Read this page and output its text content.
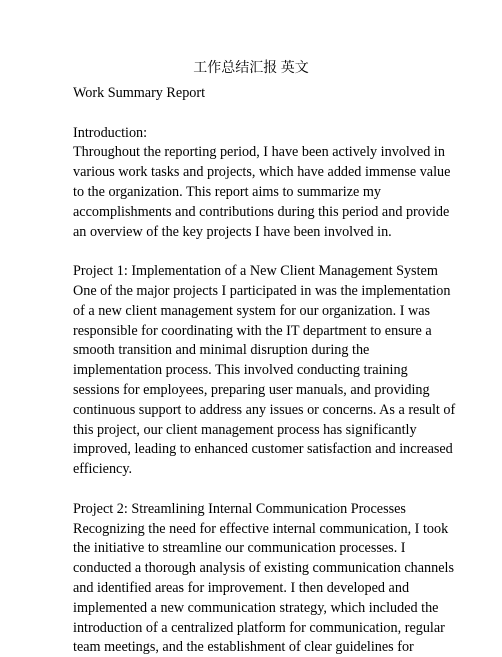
工作总结汇报 英文
Work Summary Report
Introduction:
Throughout the reporting period, I have been actively involved in
various work tasks and projects, which have added immense value
to the organization. This report aims to summarize my
accomplishments and contributions during this period and provide
an overview of the key projects I have been involved in.
Project 1: Implementation of a New Client Management System
One of the major projects I participated in was the implementation
of a new client management system for our organization. I was
responsible for coordinating with the IT department to ensure a
smooth transition and minimal disruption during the
implementation process. This involved conducting training
sessions for employees, preparing user manuals, and providing
continuous support to address any issues or concerns. As a result of
this project, our client management process has significantly
improved, leading to enhanced customer satisfaction and increased
efficiency.
Project 2: Streamlining Internal Communication Processes
Recognizing the need for effective internal communication, I took
the initiative to streamline our communication processes. I
conducted a thorough analysis of existing communication channels
and identified areas for improvement. I then developed and
implemented a new communication strategy, which included the
introduction of a centralized platform for communication, regular
team meetings, and the establishment of clear guidelines for
